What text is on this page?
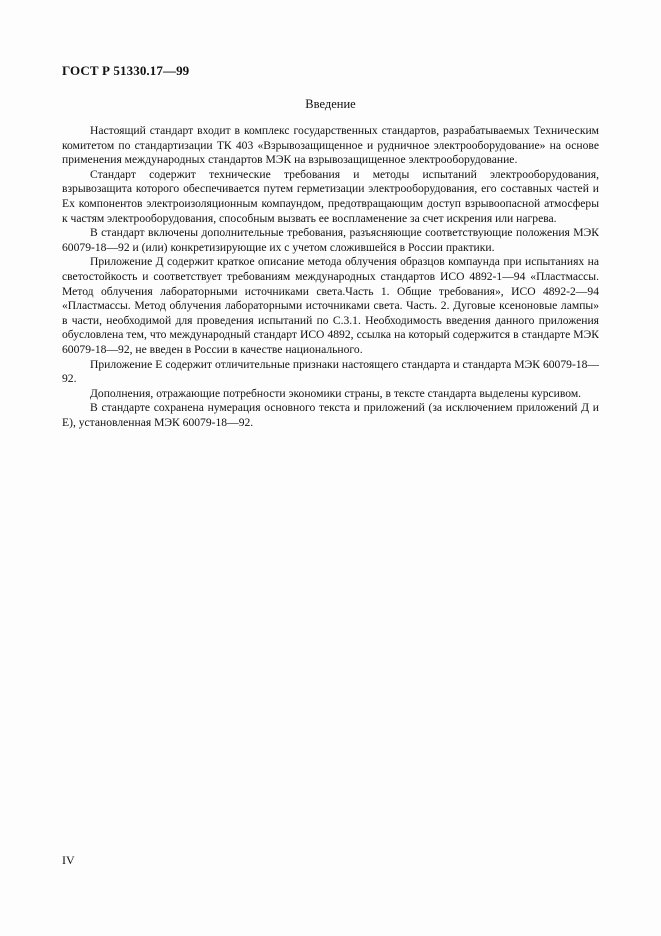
ГОСТ Р 51330.17—99
Введение

Настоящий стандарт входит в комплекс государственных стандартов, разрабатываемых Техническим комитетом по стандартизации ТК 403 «Взрывозащищенное и рудничное электрооборудование» на основе применения международных стандартов МЭК на взрывозащищенное электрооборудование.

Стандарт содержит технические требования и методы испытаний электрооборудования, взрывозащита которого обеспечивается путем герметизации электрооборудования, его составных частей и Ex компонентов электроизоляционным компаундом, предотвращающим доступ взрывоопасной атмосферы к частям электрооборудования, способным вызвать ее воспламенение за счет искрения или нагрева.

В стандарт включены дополнительные требования, разъясняющие соответствующие положения МЭК 60079-18—92 и (или) конкретизирующие их с учетом сложившейся в России практики.

Приложение Д содержит краткое описание метода облучения образцов компаунда при испытаниях на светостойкость и соответствует требованиям международных стандартов ИСО 4892-1—94 «Пластмассы. Метод облучения лабораторными источниками света.Часть 1. Общие требования», ИСО 4892-2—94 «Пластмассы. Метод облучения лабораторными источниками света. Часть. 2. Дуговые ксеноновые лампы» в части, необходимой для проведения испытаний по С.3.1. Необходимость введения данного приложения обусловлена тем, что международный стандарт ИСО 4892, ссылка на который содержится в стандарте МЭК 60079-18—92, не введен в России в качестве национального.

Приложение Е содержит отличительные признаки настоящего стандарта и стандарта МЭК 60079-18—92.

Дополнения, отражающие потребности экономики страны, в тексте стандарта выделены курсивом.

В стандарте сохранена нумерация основного текста и приложений (за исключением приложений Д и Е), установленная МЭК 60079-18—92.

IV
